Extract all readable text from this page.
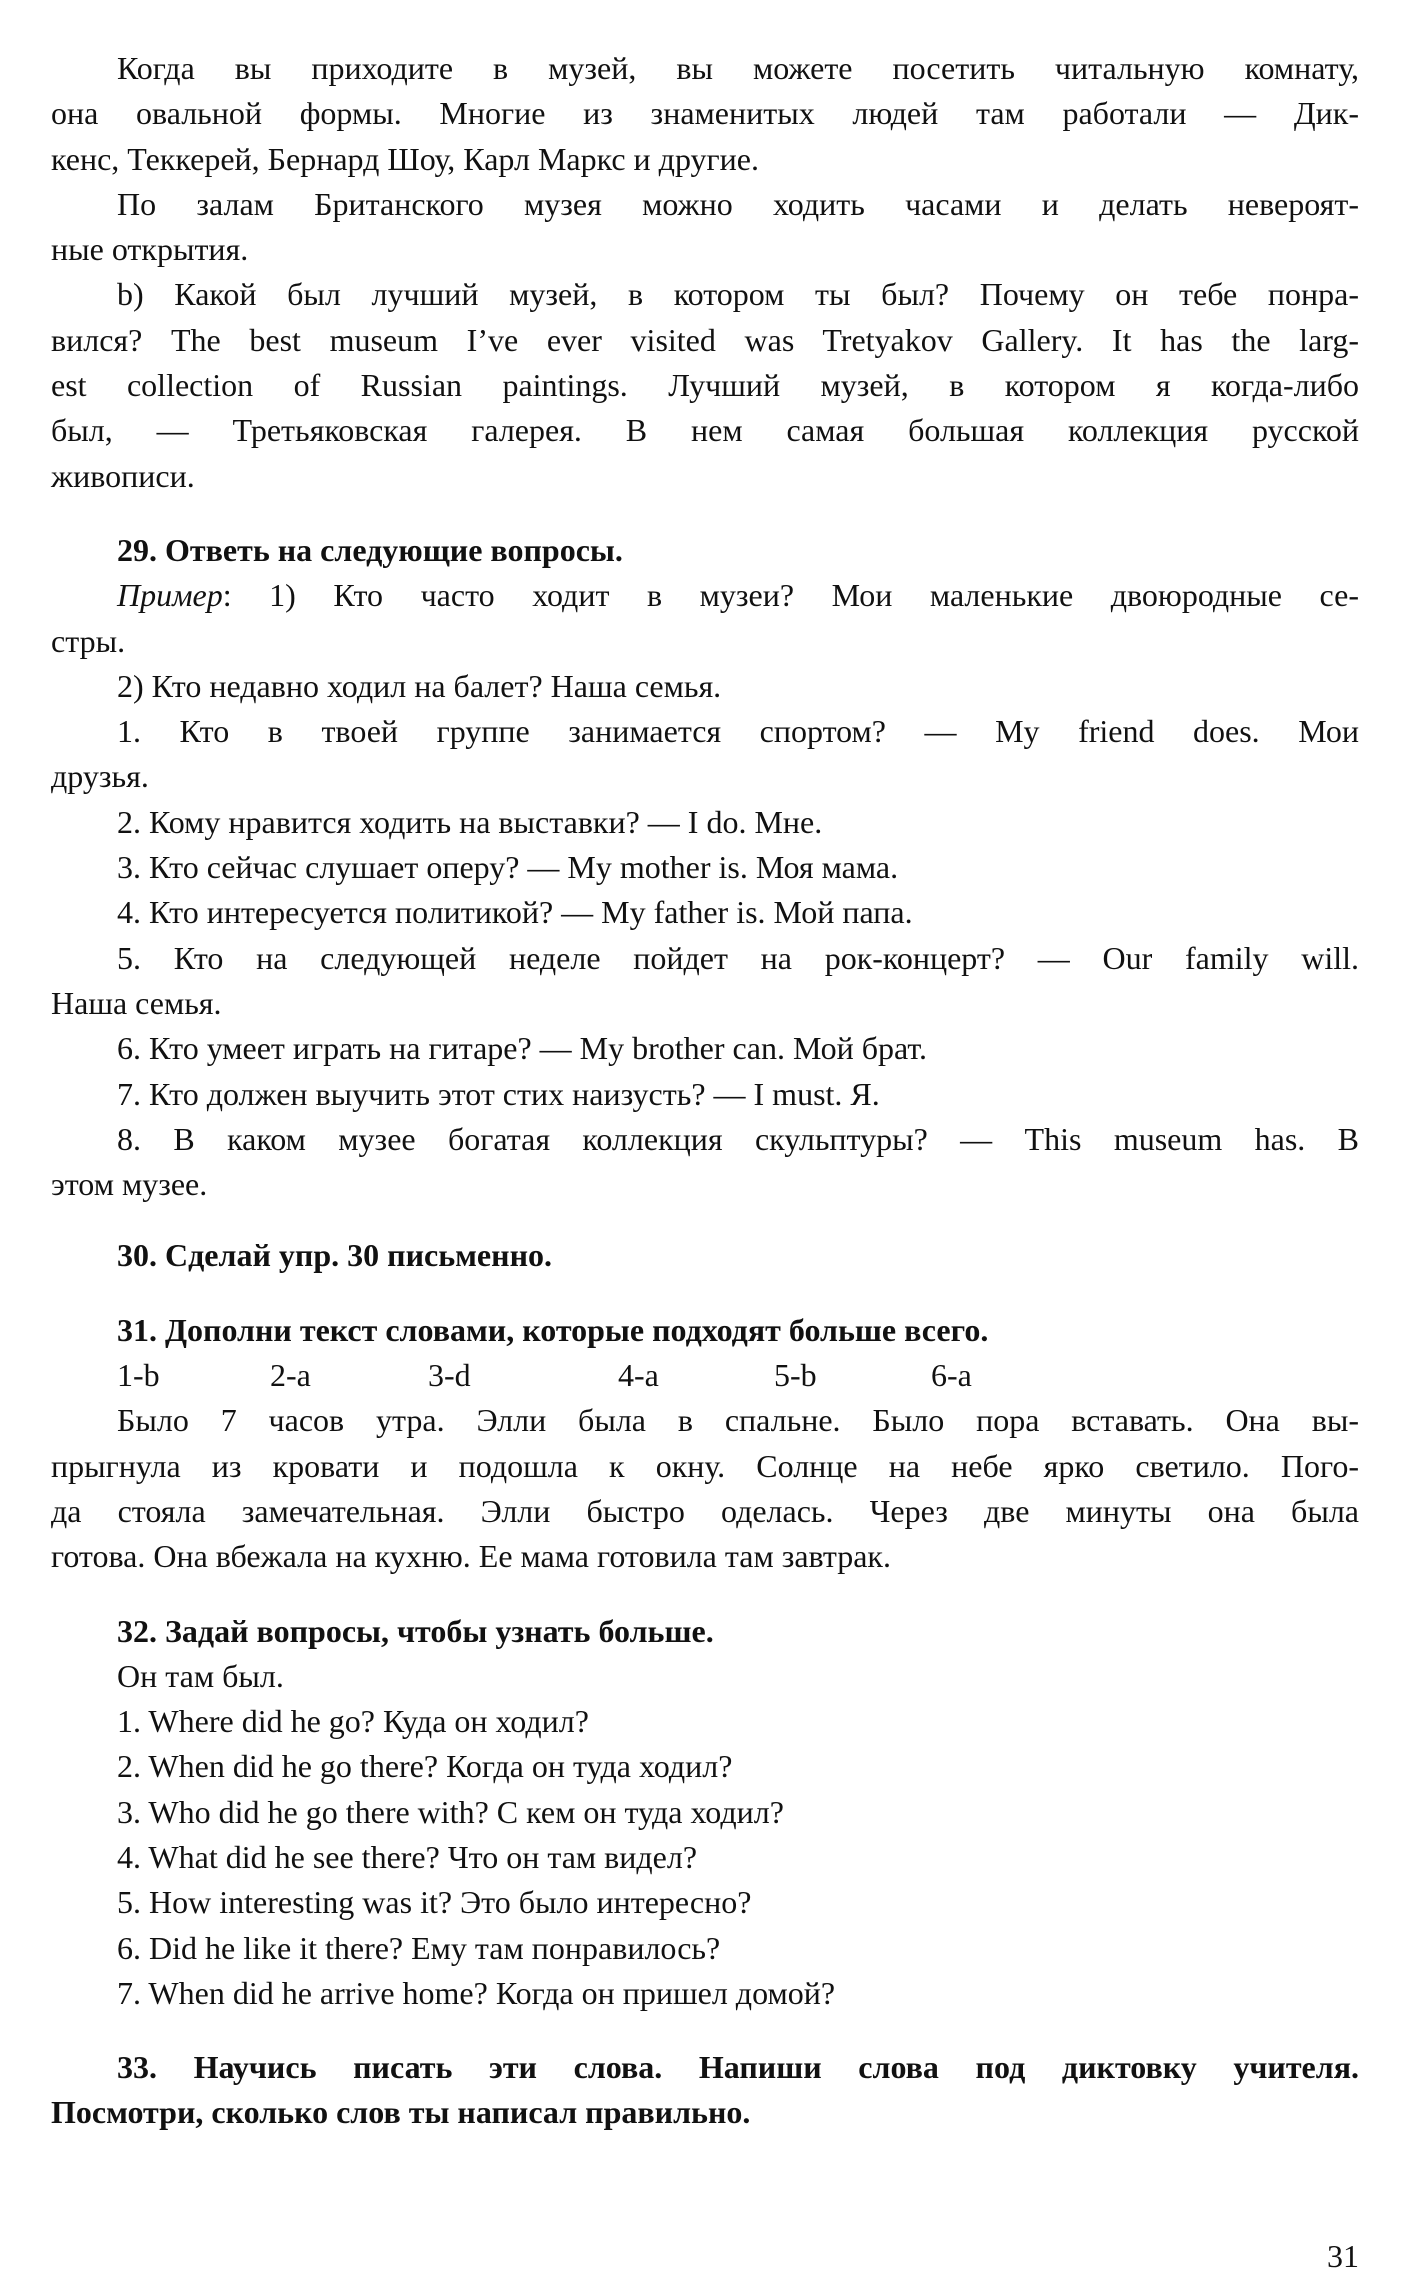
Когда вы приходите в музей, вы можете посетить читальную комнату,
она овальной формы. Многие из знаменитых людей там работали — Дик-
кенс, Теккерей, Бернард Шоу, Карл Маркс и другие.
По залам Британского музея можно ходить часами и делать невероят-
ные открытия.
b) Какой был лучший музей, в котором ты был? Почему он тебе понра-
вился? The best museum I’ve ever visited was Tretyakov Gallery. It has the larg-
est collection of Russian paintings. Лучший музей, в котором я когда-либо
был, — Третьяковская галерея. В нем самая большая коллекция русской
живописи.
29. Ответь на следующие вопросы.
Пример: 1) Кто часто ходит в музеи? Мои маленькие двоюродные се-
стры.
2) Кто недавно ходил на балет? Наша семья.
1. Кто в твоей группе занимается спортом? — My friend does. Мои
друзья.
2. Кому нравится ходить на выставки? — I do. Мне.
3. Кто сейчас слушает оперу? — My mother is. Моя мама.
4. Кто интересуется политикой? — My father is. Мой папа.
5. Кто на следующей неделе пойдет на рок-концерт? — Our family will.
Наша семья.
6. Кто умеет играть на гитаре? — My brother can. Мой брат.
7. Кто должен выучить этот стих наизусть? — I must. Я.
8. В каком музее богатая коллекция скульптуры? — This museum has. В
этом музее.
30. Сделай упр. 30 письменно.
31. Дополни текст словами, которые подходят больше всего.
1-b	2-a	3-d	4-a	5-b	6-a
Было 7 часов утра. Элли была в спальне. Было пора вставать. Она вы-
прыгнула из кровати и подошла к окну. Солнце на небе ярко светило. Пого-
да стояла замечательная. Элли быстро оделась. Через две минуты она была
готова. Она вбежала на кухню. Ее мама готовила там завтрак.
32. Задай вопросы, чтобы узнать больше.
Он там был.
1. Where did he go? Куда он ходил?
2. When did he go there? Когда он туда ходил?
3. Who did he go there with? С кем он туда ходил?
4. What did he see there? Что он там видел?
5. How interesting was it? Это было интересно?
6. Did he like it there? Ему там понравилось?
7. When did he arrive home? Когда он пришел домой?
33. Научись писать эти слова. Напиши слова под диктовку учителя.
Посмотри, сколько слов ты написал правильно.
31
